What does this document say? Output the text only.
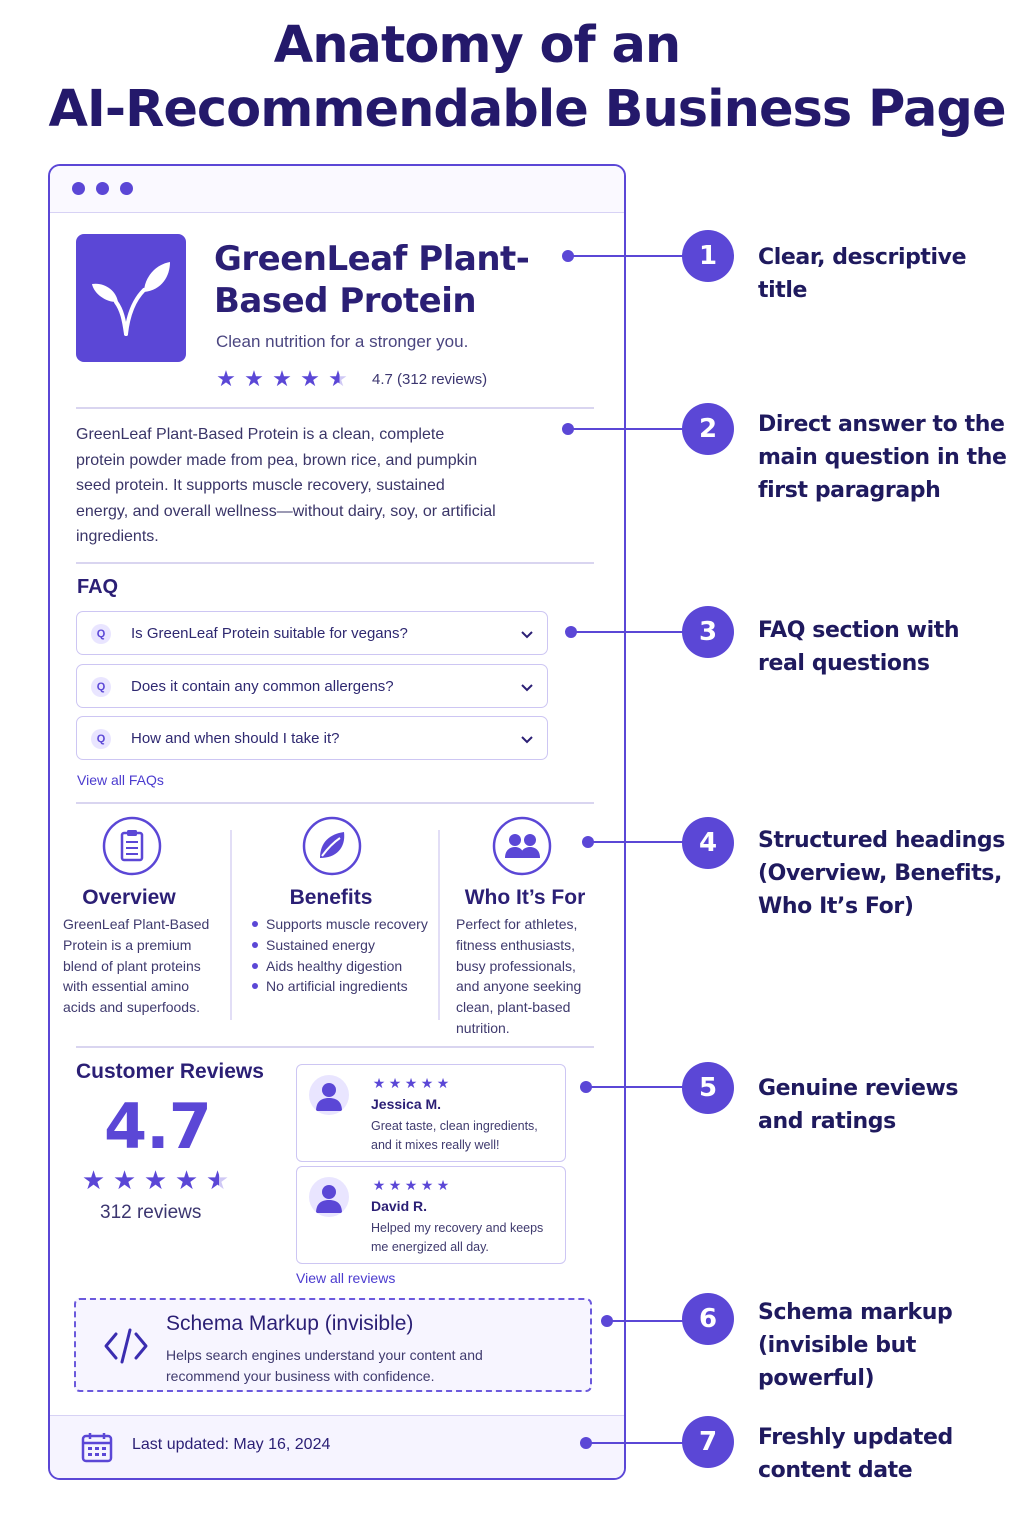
Anatomy of an
AI-Recommendable Business Page
GreenLeaf Plant-Based Protein
Clean nutrition for a stronger you.
★ ★ ★ ★ ★ 4.7 (312 reviews)
GreenLeaf Plant-Based Protein is a clean, complete protein powder made from pea, brown rice, and pumpkin seed protein. It supports muscle recovery, sustained energy, and overall wellness—without dairy, soy, or artificial ingredients.
FAQ
Q	Is GreenLeaf Protein suitable for vegans?
Q	Does it contain any common allergens?
Q	How and when should I take it?
View all FAQs
Overview
GreenLeaf Plant-Based Protein is a premium blend of plant proteins with essential amino acids and superfoods.
Benefits
Supports muscle recovery
Sustained energy
Aids healthy digestion
No artificial ingredients
Who It’s For
Perfect for athletes, fitness enthusiasts, busy professionals, and anyone seeking clean, plant-based nutrition.
Customer Reviews
4.7
★ ★ ★ ★ ★
312 reviews
★ ★ ★ ★ ★
Jessica M.
Great taste, clean ingredients, and it mixes really well!
★ ★ ★ ★ ★
David R.
Helped my recovery and keeps me energized all day.
View all reviews
Schema Markup (invisible)
Helps search engines understand your content and recommend your business with confidence.
Last updated: May 16, 2024
1	Clear, descriptive title
2	Direct answer to the main question in the first paragraph
3	FAQ section with real questions
4	Structured headings (Overview, Benefits, Who It’s For)
5	Genuine reviews and ratings
6	Schema markup (invisible but powerful)
7	Freshly updated content date
